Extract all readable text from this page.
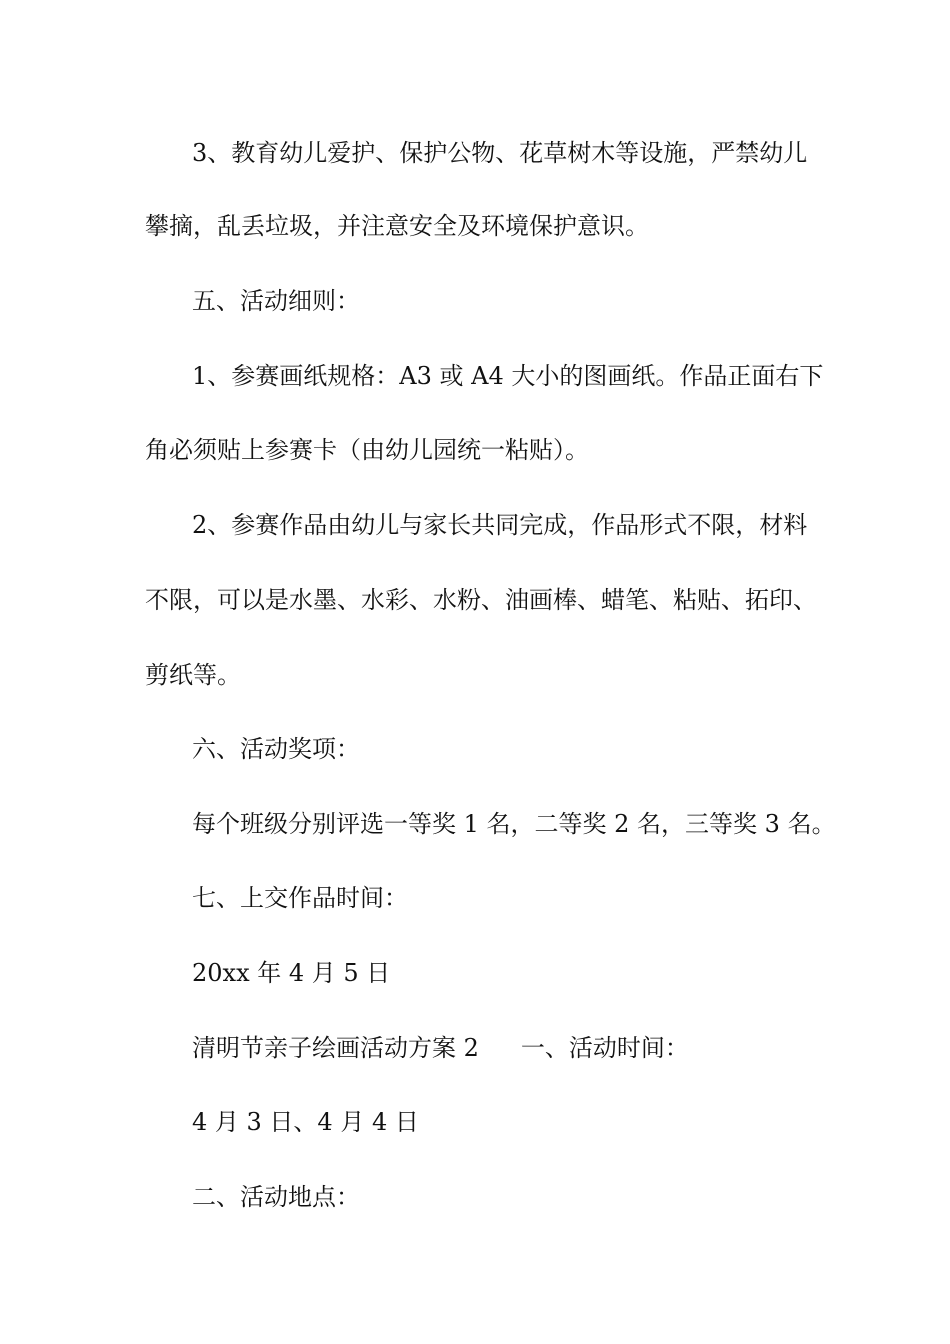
3、教育幼儿爱护、保护公物、花草树木等设施，严禁幼儿
攀摘，乱丢垃圾，并注意安全及环境保护意识。
五、活动细则：
1、参赛画纸规格：A3 或 A4 大小的图画纸。作品正面右下
角必须贴上参赛卡（由幼儿园统一粘贴）。
2、参赛作品由幼儿与家长共同完成，作品形式不限，材料
不限，可以是水墨、水彩、水粉、油画棒、蜡笔、粘贴、拓印、
剪纸等。
六、活动奖项：
每个班级分别评选一等奖 1 名，二等奖 2 名，三等奖 3 名。
七、上交作品时间：
20xx 年 4 月 5 日
清明节亲子绘画活动方案 2 一、活动时间：
4 月 3 日、4 月 4 日
二、活动地点：
